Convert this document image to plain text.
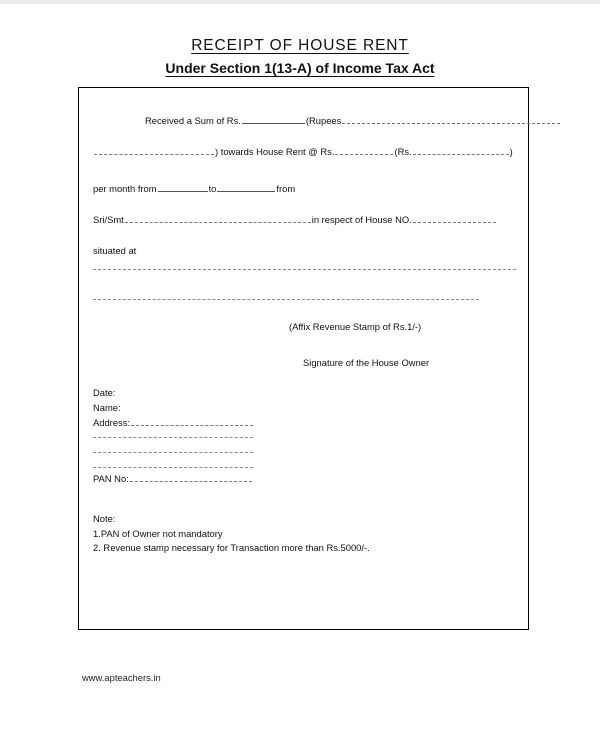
RECEIPT OF HOUSE RENT
Under Section 1(13-A) of Income Tax Act
Received a Sum of Rs.	(Rupees
) towards House Rent @ Rs.	(Rs.	)
per month from	to	from
Sri/Smt	in respect of House NO.
situated at
(Affix Revenue Stamp of Rs.1/-)
Signature of the House Owner
Date:
Name:
Address:
PAN No:
Note:
1.PAN of Owner not mandatory
2. Revenue stamp necessary for Transaction more than Rs.5000/-.
www.apteachers.in
